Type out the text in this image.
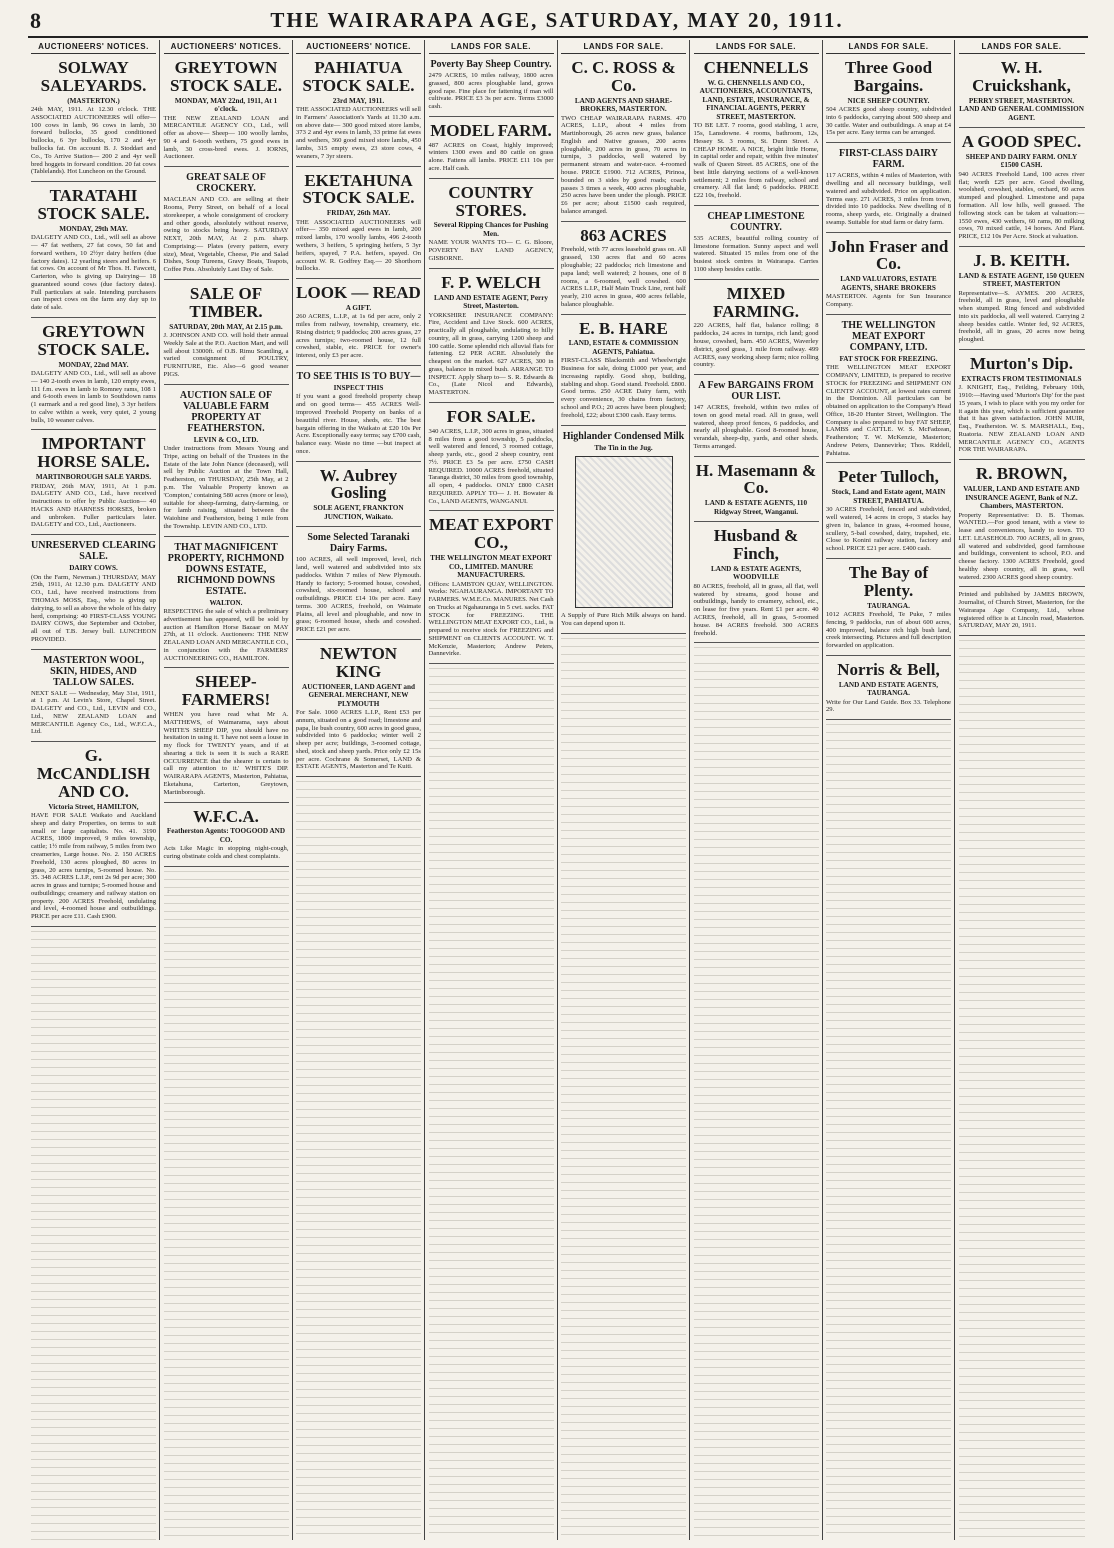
8	THE WAIRARAPA AGE, SATURDAY, MAY 20, 1911.
AUCTIONEERS' NOTICES.
SOLWAY SALEYARDS.

(MASTERTON.)

24th MAY, 1911. At 12.30 o'clock. THE ASSOCIATED AUCTIONEERS will offer— 100 cows in lamb, 96 cows in lamb, 30 forward bullocks, 35 good conditioned bullocks, 6 3yr bullocks, 170 2 and 4yr bullocks fat. On account B. J. Stoddart and Co., To Arrive Station— 200 2 and 4yr well bred hoggets in forward condition. 20 fat cows (Tablelands). Hot Luncheon on the Ground.

TARATAHI STOCK SALE.

MONDAY, 29th MAY.

DALGETY AND CO., Ltd., will sell as above— 47 fat wethers, 27 fat cows, 50 fat and forward wethers, 10 2½yr dairy heifers (due factory dates). 12 yearling steers and heifers. 6 fat cows. On account of Mr Thos. H. Fawcett, Carterton, who is giving up Dairying— 18 guaranteed sound cows (due factory dates). Full particulars at sale. Intending purchasers can inspect cows on the farm any day up to date of sale.

GREYTOWN STOCK SALE.

MONDAY, 22nd MAY.

DALGETY AND CO., Ltd., will sell as above— 140 2-tooth ewes in lamb, 120 empty ewes, 111 f.m. ewes in lamb to Romney rams, 108 1 and 6-tooth ewes in lamb to Southdown rams (1 earmark and a red good line), 3 3yr heifers to calve within a week, very quiet, 2 young bulls, 10 weaner calves.

IMPORTANT HORSE SALE.

MARTINBOROUGH SALE YARDS.

FRIDAY, 26th MAY, 1911, At 1 p.m. DALGETY AND CO., Ltd., have received instructions to offer by Public Auction— 40 HACKS AND HARNESS HORSES, broken and unbroken. Fuller particulars later. DALGETY and CO., Ltd., Auctioneers.

UNRESERVED CLEARING SALE.

DAIRY COWS.

(On the Farm, Newman.) THURSDAY, MAY 25th, 1911, At 12.30 p.m. DALGETY AND CO., Ltd., have received instructions from THOMAS MOSS, Esq., who is giving up dairying, to sell as above the whole of his dairy herd, comprising: 40 FIRST-CLASS YOUNG DAIRY COWS, due September and October, all out of T.B. Jersey bull. LUNCHEON PROVIDED.

MASTERTON WOOL, SKIN, HIDES, AND TALLOW SALES.

NEXT SALE — Wednesday, May 31st, 1911, at 1 p.m. At Levin's Store, Chapel Street. DALGETY and CO., Ltd., LEVIN and CO., Ltd., NEW ZEALAND LOAN and MERCANTILE Agency Co., Ltd., W.F.C.A., Ltd.

G. McCANDLISH AND CO.

Victoria Street, HAMILTON,

HAVE FOR SALE Waikato and Auckland sheep and dairy Properties, on terms to suit small or large capitalists. No. 41. 3190 ACRES, 1800 improved, 9 miles township, cattle; 1½ mile from railway, 5 miles from two creameries, Large house. No. 2. 150 ACRES Freehold, 130 acres ploughed, 80 acres in grass, 20 acres turnips, 5-roomed house. No. 35. 348 ACRES L.I.P., rent 2s 9d per acre; 300 acres in grass and turnips; 5-roomed house and outbuildings; creamery and railway station on property. 200 ACRES Freehold, undulating and level, 4-roomed house and outbuildings. PRICE per acre £11. Cash £900.

AUCTIONEERS' NOTICES.
GREYTOWN STOCK SALE.

MONDAY, MAY 22nd, 1911, At 1 o'clock.

THE NEW ZEALAND LOAN and MERCANTILE AGENCY CO., Ltd., will offer as above— Sheep— 100 woolly lambs, 90 4 and 6-tooth wethers, 75 good ewes in lamb, 30 cross-bred ewes. J. IORNS, Auctioneer.

GREAT SALE OF CROCKERY.

MACLEAN AND CO. are selling at their Rooms, Perry Street, on behalf of a local storekeeper, a whole consignment of crockery and other goods, absolutely without reserve, owing to stocks being heavy. SATURDAY NEXT, 20th MAY, At 2 p.m. sharp. Comprising:— Plates (every pattern, every size), Meat, Vegetable, Cheese, Pie and Salad Dishes, Soup Tureens, Gravy Boats, Teapots, Coffee Pots. Absolutely Last Day of Sale.

SALE OF TIMBER.

SATURDAY, 20th MAY, At 2.15 p.m.

J. JOHNSON AND CO. will hold their annual Weekly Sale at the P.O. Auction Mart, and will sell about 13000ft. of O.B. Rimu Scantling, a varied consignment of POULTRY, FURNITURE, Etc. Also—6 good weaner PIGS.

AUCTION SALE OF VALUABLE FARM PROPERTY AT FEATHERSTON.

LEVIN & CO., LTD.

Under instructions from Messrs Young and Tripe, acting on behalf of the Trustees in the Estate of the late John Nance (deceased), will sell by Public Auction at the Town Hall, Featherston, on THURSDAY, 25th May, at 2 p.m. The Valuable Property known as 'Compton,' containing 580 acres (more or less), suitable for sheep-farming, dairy-farming, or for lamb raising, situated between the Waiohine and Featherston, being 1 mile from the Township. LEVIN AND CO., LTD.

THAT MAGNIFICENT PROPERTY, RICHMOND DOWNS ESTATE, RICHMOND DOWNS ESTATE.

WALTON.

RESPECTING the sale of which a preliminary advertisement has appeared, will be sold by auction at Hamilton Horse Bazaar on MAY 27th, at 11 o'clock. Auctioneers: THE NEW ZEALAND LOAN AND MERCANTILE CO., in conjunction with the FARMERS' AUCTIONEERING CO., HAMILTON.

SHEEP-FARMERS!

WHEN you have read what Mr A. MATTHEWS, of Waimarama, says about WHITE'S SHEEP DIP, you should have no hesitation in using it. 'I have not seen a louse in my flock for TWENTY years, and if at shearing a tick is seen it is such a RARE OCCURRENCE that the shearer is certain to call my attention to it.' WHITE'S DIP. WAIRARAPA AGENTS, Masterton, Pahiatua, Eketahuna, Carterton, Greytown, Martinborough.

W.F.C.A.

Featherston Agents: TOOGOOD AND CO.

Acts Like Magic in stopping night-cough, curing obstinate colds and chest complaints.

AUCTIONEERS' NOTICE.
PAHIATUA STOCK SALE.

23rd MAY, 1911.

THE ASSOCIATED AUCTIONEERS will sell in Farmers' Association's Yards at 11.30 a.m. on above date— 300 good mixed store lambs, 373 2 and 4yr ewes in lamb, 33 prime fat ewes and wethers, 360 good mixed store lambs, 450 lambs, 315 empty ewes, 23 store cows, 4 weaners, 7 3yr steers.

EKETAHUNA STOCK SALE.

FRIDAY, 26th MAY.

THE ASSOCIATED AUCTIONEERS will offer— 350 mixed aged ewes in lamb, 200 mixed lambs, 170 woolly lambs, 496 2-tooth wethers, 3 heifers, 5 springing heifers, 5 3yr heifers, spayed, 7 P.A. heifers, spayed. On account W. R. Godfrey Esq.— 20 Shorthorn bullocks.

LOOK — READ

A GIFT.

260 ACRES, L.I.P., at 1s 6d per acre, only 2 miles from railway, township, creamery, etc. Rising district; 9 paddocks; 200 acres grass, 27 acres turnips; two-roomed house, 12 full cowshed, stable, etc. PRICE for owner's interest, only £3 per acre.

TO SEE THIS IS TO BUY—

INSPECT THIS

If you want a good freehold property cheap and on good terms— 455 ACRES Well-improved Freehold Property on banks of a beautiful river. House, sheds, etc. The best bargain offering in the Waikato at £20 10s Per Acre. Exceptionally easy terms; say £700 cash, balance easy. Waste no time —but inspect at once.

W. Aubrey Gosling

SOLE AGENT, FRANKTON JUNCTION, Waikato.

Some Selected Taranaki Dairy Farms.

100 ACRES, all well improved, level, rich land, well watered and subdivided into six paddocks. Within 7 miles of New Plymouth. Handy to factory; 5-roomed house, cowshed, cowshed, six-roomed house, school and outbuildings. PRICE £14 10s per acre. Easy terms. 300 ACRES, freehold, on Waimate Plains, all level and ploughable, and now in grass; 6-roomed house, sheds and cowshed. PRICE £21 per acre.

NEWTON KING

AUCTIONEER, LAND AGENT and GENERAL MERCHANT, NEW PLYMOUTH

For Sale. 1060 ACRES L.I.P., Rent £53 per annum, situated on a good road; limestone and papa, lie bush country, 600 acres in good grass, subdivided into 6 paddocks; winter well 2 sheep per acre; buildings, 3-roomed cottage, shed, stock and sheep yards. Price only £2 15s per acre. Cochrane & Somerset, LAND & ESTATE AGENTS, Masterton and Te Kuiti.

LANDS FOR SALE.
Poverty Bay Sheep Country.

2479 ACRES, 10 miles railway, 1800 acres grassed, 800 acres ploughable land, grows good rape. Fine place for fattening if man will cultivate. PRICE £3 3s per acre. Terms £3000 cash.

MODEL FARM.

487 ACRES on Coast, highly improved; winters 1300 ewes and 80 cattle on grass alone. Fattens all lambs. PRICE £11 10s per acre. Half cash.

COUNTRY STORES.

Several Ripping Chances for Pushing Men.

NAME YOUR WANTS TO— C. G. Bloore, POVERTY BAY LAND AGENCY, GISBORNE.

F. P. WELCH

LAND AND ESTATE AGENT, Perry Street, Masterton.

YORKSHIRE INSURANCE COMPANY: Fire, Accident and Live Stock. 600 ACRES, practically all ploughable, undulating to hilly country, all in grass, carrying 1200 sheep and 100 cattle. Some splendid rich alluvial flats for fattening. £2 PER ACRE. Absolutely the cheapest on the market. 627 ACRES, 300 in grass, balance in mixed bush. ARRANGE TO INSPECT. Apply Sharp to— S. R. Edwards & Co., (Late Nicol and Edwards), MASTERTON.

FOR SALE.

340 ACRES, L.I.P., 300 acres in grass, situated 8 miles from a good township, 5 paddocks, well watered and fenced, 3 roomed cottage, sheep yards, etc., good 2 sheep country, rent 7½. PRICE £3 5s per acre. £750 CASH REQUIRED. 10000 ACRES freehold, situated Taranga district, 30 miles from good township, all open, 4 paddocks. ONLY £800 CASH REQUIRED. APPLY TO— J. H. Bowater & Co., LAND AGENTS, WANGANUI.

MEAT EXPORT CO.,

THE WELLINGTON MEAT EXPORT CO., LIMITED. MANURE MANUFACTURERS.

Offices: LAMBTON QUAY, WELLINGTON. Works: NGAHAURANGA. IMPORTANT TO FARMERS. W.M.E.Co. MANURES. Net Cash on Trucks at Ngahauranga in 5 cwt. sacks. FAT STOCK for FREEZING. THE WELLINGTON MEAT EXPORT CO., Ltd., is prepared to receive stock for FREEZING and SHIPMENT on CLIENTS ACCOUNT. W. T. McKenzie, Masterton; Andrew Peters, Dannevirke.

LANDS FOR SALE.
C. C. ROSS & Co.

LAND AGENTS AND SHARE-BROKERS, MASTERTON.

TWO CHEAP WAIRARAPA FARMS. 470 ACRES, L.I.P., about 4 miles from Martinborough, 26 acres new grass, balance English and Native grasses, 200 acres ploughable, 200 acres in grass, 70 acres in turnips, 3 paddocks, well watered by permanent stream and water-race. 4-roomed house. PRICE £1900. 712 ACRES, Pirinoa, bounded on 3 sides by good roads; coach passes 3 times a week, 400 acres ploughable, 250 acres have been under the plough. PRICE £6 per acre; about £1500 cash required, balance arranged.

863 ACRES

Freehold, with 77 acres leasehold grass on. All grassed, 130 acres flat and 60 acres ploughable; 22 paddocks; rich limestone and papa land; well watered; 2 houses, one of 8 rooms, a 6-roomed, well cowshed. 600 ACRES L.I.P., Half Main Truck Line, rent half yearly, 210 acres in grass, 400 acres fellable, balance ploughable.

E. B. HARE

LAND, ESTATE & COMMISSION AGENTS, Pahiatua.

FIRST-CLASS Blacksmith and Wheelwright Business for sale, doing £1000 per year, and increasing rapidly. Good shop, building, stabling and shop. Good stand. Freehold. £800. Good terms. 250 ACRE Dairy farm, with every convenience, 30 chains from factory, school and P.O.; 20 acres have been ploughed; freehold, £22; about £300 cash. Easy terms.

Highlander Condensed Milk

The Tin in the Jug.

A Supply of Pure Rich Milk always on hand. You can depend upon it.

LANDS FOR SALE.
CHENNELLS

W. G. CHENNELLS AND CO., AUCTIONEERS, ACCOUNTANTS, LAND, ESTATE, INSURANCE, & FINANCIAL AGENTS, PERRY STREET, MASTERTON.

TO BE LET. 7 rooms, good stabling, 1 acre, 15s, Lansdowne. 4 rooms, bathroom, 12s, Hessey St. 3 rooms, St. Dunn Street. A CHEAP HOME. A NICE, bright little Home, in capital order and repair, within five minutes' walk of Queen Street. 85 ACRES, one of the best little dairying sections of a well-known settlement; 2 miles from railway, school and creamery. All flat land; 6 paddocks. PRICE £22 10s, freehold.

CHEAP LIMESTONE COUNTRY.

535 ACRES, beautiful rolling country of limestone formation. Sunny aspect and well watered. Situated 15 miles from one of the busiest stock centres in Wairarapa. Carries 1100 sheep besides cattle.

MIXED FARMING.

220 ACRES, half flat, balance rolling; 8 paddocks, 24 acres in turnips, rich land; good house, cowshed, barn. 450 ACRES, Waverley district, good grass, 1 mile from railway. 499 ACRES, easy working sheep farm; nice rolling country.

A Few BARGAINS FROM OUR LIST.

147 ACRES, freehold, within two miles of town on good metal road. All in grass, well watered, sheep proof fences, 6 paddocks, and nearly all ploughable. Good 8-roomed house, verandah, sheep-dip, yards, and other sheds. Terms arranged.

H. Masemann & Co.

LAND & ESTATE AGENTS, 110 Ridgway Street, Wanganui.

Husband & Finch,

LAND & ESTATE AGENTS, WOODVILLE

80 ACRES, freehold, all in grass, all flat, well watered by streams, good house and outbuildings, handy to creamery, school, etc., on lease for five years. Rent £1 per acre. 40 ACRES, freehold, all in grass, 5-roomed house. 84 ACRES freehold. 300 ACRES freehold.

LANDS FOR SALE.
Three Good Bargains.

NICE SHEEP COUNTRY.

504 ACRES good sheep country, subdivided into 6 paddocks, carrying about 500 sheep and 30 cattle. Water and outbuildings. A snap at £4 15s per acre. Easy terms can be arranged.

FIRST-CLASS DAIRY FARM.

117 ACRES, within 4 miles of Masterton, with dwelling and all necessary buildings, well watered and subdivided. Price on application. Terms easy. 271 ACRES, 3 miles from town, divided into 10 paddocks. New dwelling of 8 rooms, sheep yards, etc. Originally a drained swamp. Suitable for stud farm or dairy farm.

John Fraser and Co.

LAND VALUATORS, ESTATE AGENTS, SHARE BROKERS

MASTERTON. Agents for Sun Insurance Company.

THE WELLINGTON MEAT EXPORT COMPANY, LTD.

FAT STOCK FOR FREEZING.

THE WELLINGTON MEAT EXPORT COMPANY, LIMITED, is prepared to receive STOCK for FREEZING and SHIPMENT ON CLIENTS' ACCOUNT, at lowest rates current in the Dominion. All particulars can be obtained on application to the Company's Head Office, 18-20 Hunter Street, Wellington. The Company is also prepared to buy FAT SHEEP, LAMBS and CATTLE. W. S. McFadzean, Featherston; T. W. McKenzie, Masterton; Andrew Peters, Dannevirke; Thos. Riddell, Pahiatua.

Peter Tulloch,

Stock, Land and Estate agent, MAIN STREET, PAHIATUA.

30 ACRES Freehold, fenced and subdivided, well watered, 14 acres in crops, 3 stacks hay given in, balance in grass, 4-roomed house, scullery, 5-bail cowshed, dairy, trapshed, etc. Close to Konini railway station, factory and school. PRICE £21 per acre. £400 cash.

The Bay of Plenty.

TAURANGA.

1012 ACRES Freehold, Te Puke, 7 miles fencing, 9 paddocks, run of about 600 acres, 400 improved, balance rich high bush land, creek intersecting. Pictures and full description forwarded on application.

Norris & Bell,

LAND AND ESTATE AGENTS, TAURANGA.

Write for Our Land Guide. Box 33. Telephone 29.

LANDS FOR SALE.
W. H. Cruickshank,

PERRY STREET, MASTERTON. LAND AND GENERAL COMMISSION AGENT.

A GOOD SPEC.

SHEEP AND DAIRY FARM. ONLY £1500 CASH.

940 ACRES Freehold Land, 100 acres river flat; worth £25 per acre. Good dwelling, woolshed, cowshed, stables, orchard, 60 acres stumped and ploughed. Limestone and papa formation. All low hills, well grassed. The following stock can be taken at valuation:— 1550 ewes, 430 wethers, 60 rams, 80 milking cows, 70 mixed cattle, 14 horses. And Plant. PRICE, £12 10s Per Acre. Stock at valuation.

J. B. KEITH.

LAND & ESTATE AGENT, 150 QUEEN STREET, MASTERTON

Representative—S. AYMES. 200 ACRES, freehold, all in grass, level and ploughable when stumped. Ring fenced and subdivided into six paddocks, all well watered. Carrying 2 sheep besides cattle. Winter fed, 92 ACRES, freehold, all in grass, 20 acres now being ploughed.

Murton's Dip.

EXTRACTS FROM TESTIMONIALS

J. KNIGHT, Esq., Feilding, February 10th, 1910:—Having used 'Murton's Dip' for the past 15 years, I wish to place with you my order for it again this year, which is sufficient guarantee that it has given satisfaction. JOHN MUIR, Esq., Featherston. W. S. MARSHALL, Esq., Ruatoria. NEW ZEALAND LOAN AND MERCANTILE AGENCY CO., AGENTS FOR THE WAIRARAPA.

R. BROWN,

VALUER, LAND AND ESTATE AND INSURANCE AGENT, Bank of N.Z. Chambers, MASTERTON.

Property Representative: D. B. Thomas. WANTED.—For good tenant, with a view to lease and conveniences, handy to town. TO LET. LEASEHOLD. 700 ACRES, all in grass, all watered and subdivided, good farmhouse and buildings, convenient to school, P.O. and cheese factory. 1300 ACRES Freehold, good healthy sheep country, all in grass, well watered. 2300 ACRES good sheep country.

Printed and published by JAMES BROWN, Journalist, of Church Street, Masterton, for the Wairarapa Age Company, Ltd., whose registered office is at Lincoln road, Masterton. SATURDAY, MAY 20, 1911.
